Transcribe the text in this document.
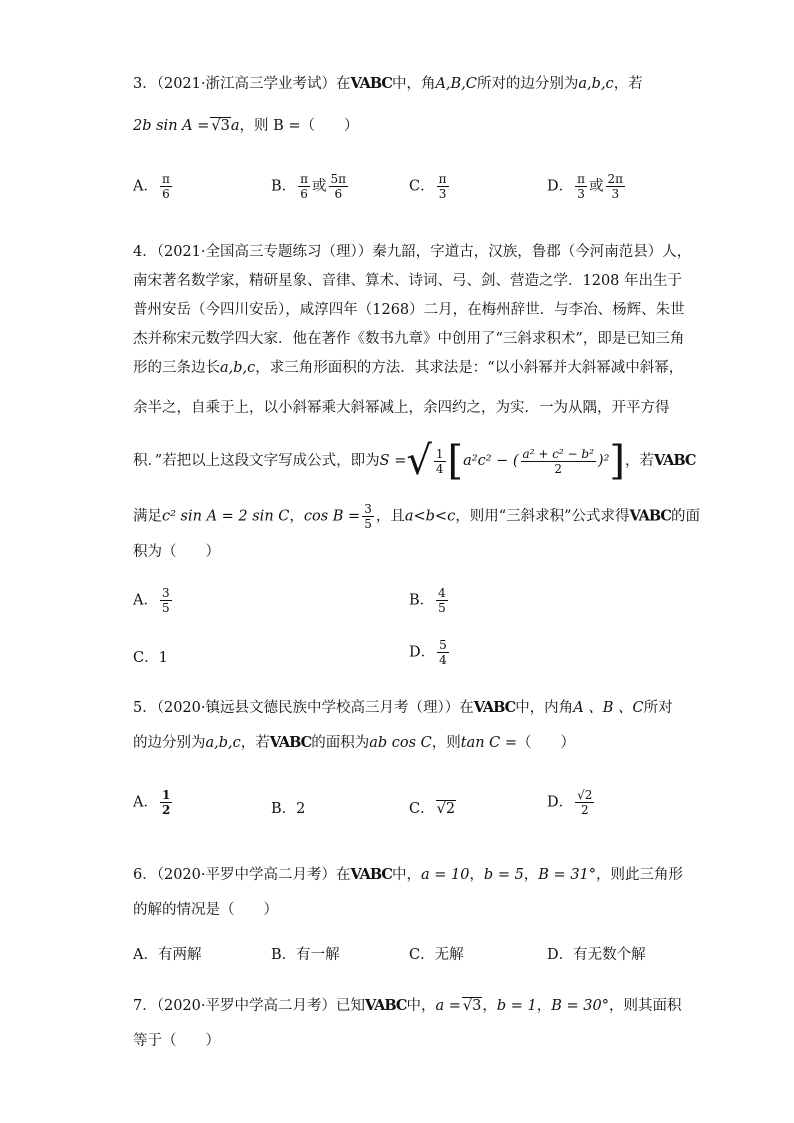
3．（2021·浙江高三学业考试）在VABC中，角A,B,C所对的边分别为a,b,c，若
2b sin A = √3a，则 B =（　　）
A． $\frac{\pi}{6}$	B． $\frac{\pi}{6}$ 或 $\frac{5\pi}{6}$	C． $\frac{\pi}{3}$	D． $\frac{\pi}{3}$ 或 $\frac{2\pi}{3}$
4．（2021·全国高三专题练习（理））秦九韶，字道古，汉族，鲁郡（今河南范县）人，
南宋著名数学家，精研星象、音律、算术、诗词、弓、剑、营造之学．1208 年出生于
普州安岳（今四川安岳），咸淳四年（1268）二月，在梅州辞世．与李冶、杨辉、朱世
杰并称宋元数学四大家．他在著作《数书九章》中创用了“三斜求积术”，即是已知三角
形的三条边长a,b,c，求三角形面积的方法．其求法是：“以小斜幂并大斜幂减中斜幂，
余半之，自乘于上，以小斜幂乘大斜幂减上，余四约之，为实．一为从隅，开平方得
积．”若把以上这段文字写成公式，即为S =√ $\frac{1}{4} [a^2c^2$ − ( $\frac{\text{a² + c² − b²}}{2} )^2$]，若VABC
满足c² sin A = 2 sin C，$\cos B = \frac{3}{5}$ ，且a<b<c，则用“三斜求积”公式求得VABC的面
积为（　　）
A． $\frac{3}{5}$	B． $\frac{4}{5}$
C．1	D． $\frac{5}{4}$
5．（2020·镇远县文德民族中学校高三月考（理））在VABC中，内角A 、B 、C所对
的边分别为a,b,c，若VABC的面积为ab cos C，则tan C =（　　）
A． $\frac{1}{2}$	B．2	C． √2	D． $\frac{√2}{2}$
6．（2020·平罗中学高二月考）在VABC中，a = 10，b = 5，B = 31°，则此三角形
的解的情况是（　　）
A．有两解	B．有一解	C．无解	D．有无数个解
7．（2020·平罗中学高二月考）已知VABC中，a = √3，b = 1，B = 30°，则其面积
等于（　　）
